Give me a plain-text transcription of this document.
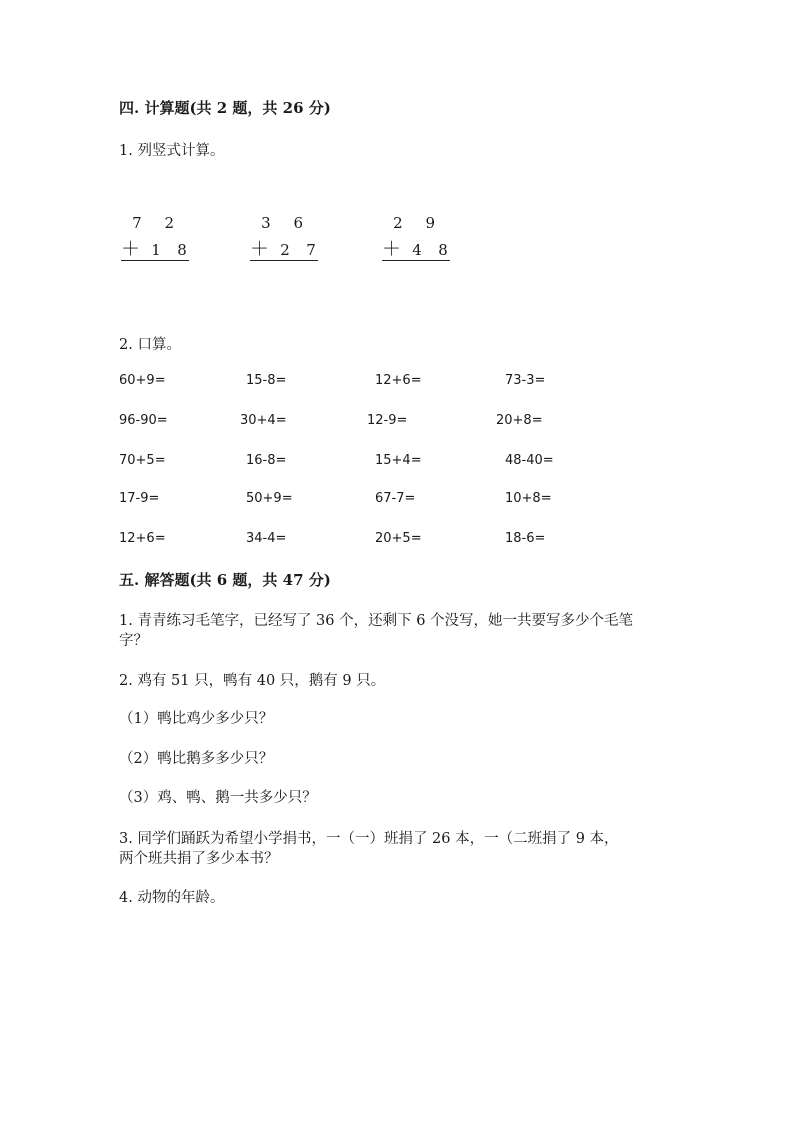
四. 计算题(共 2 题，共 26 分)
1. 列竖式计算。
7 2
＋ 1 8
3 6
＋ 2 7
2 9
＋ 4 8
2. 口算。
60+9=	15-8=	12+6=	73-3=
96-90=	30+4=	12-9=	20+8=
70+5=	16-8=	15+4=	48-40=
17-9=	50+9=	67-7=	10+8=
12+6=	34-4=	20+5=	18-6=
五. 解答题(共 6 题，共 47 分)
1. 青青练习毛笔字，已经写了 36 个，还剩下 6 个没写，她一共要写多少个毛笔
字？
2. 鸡有 51 只，鸭有 40 只，鹅有 9 只。
（1）鸭比鸡少多少只？
（2）鸭比鹅多多少只？
（3）鸡、鸭、鹅一共多少只？
3. 同学们踊跃为希望小学捐书，一（一）班捐了 26 本，一（二班捐了 9 本，
两个班共捐了多少本书？
4. 动物的年龄。
